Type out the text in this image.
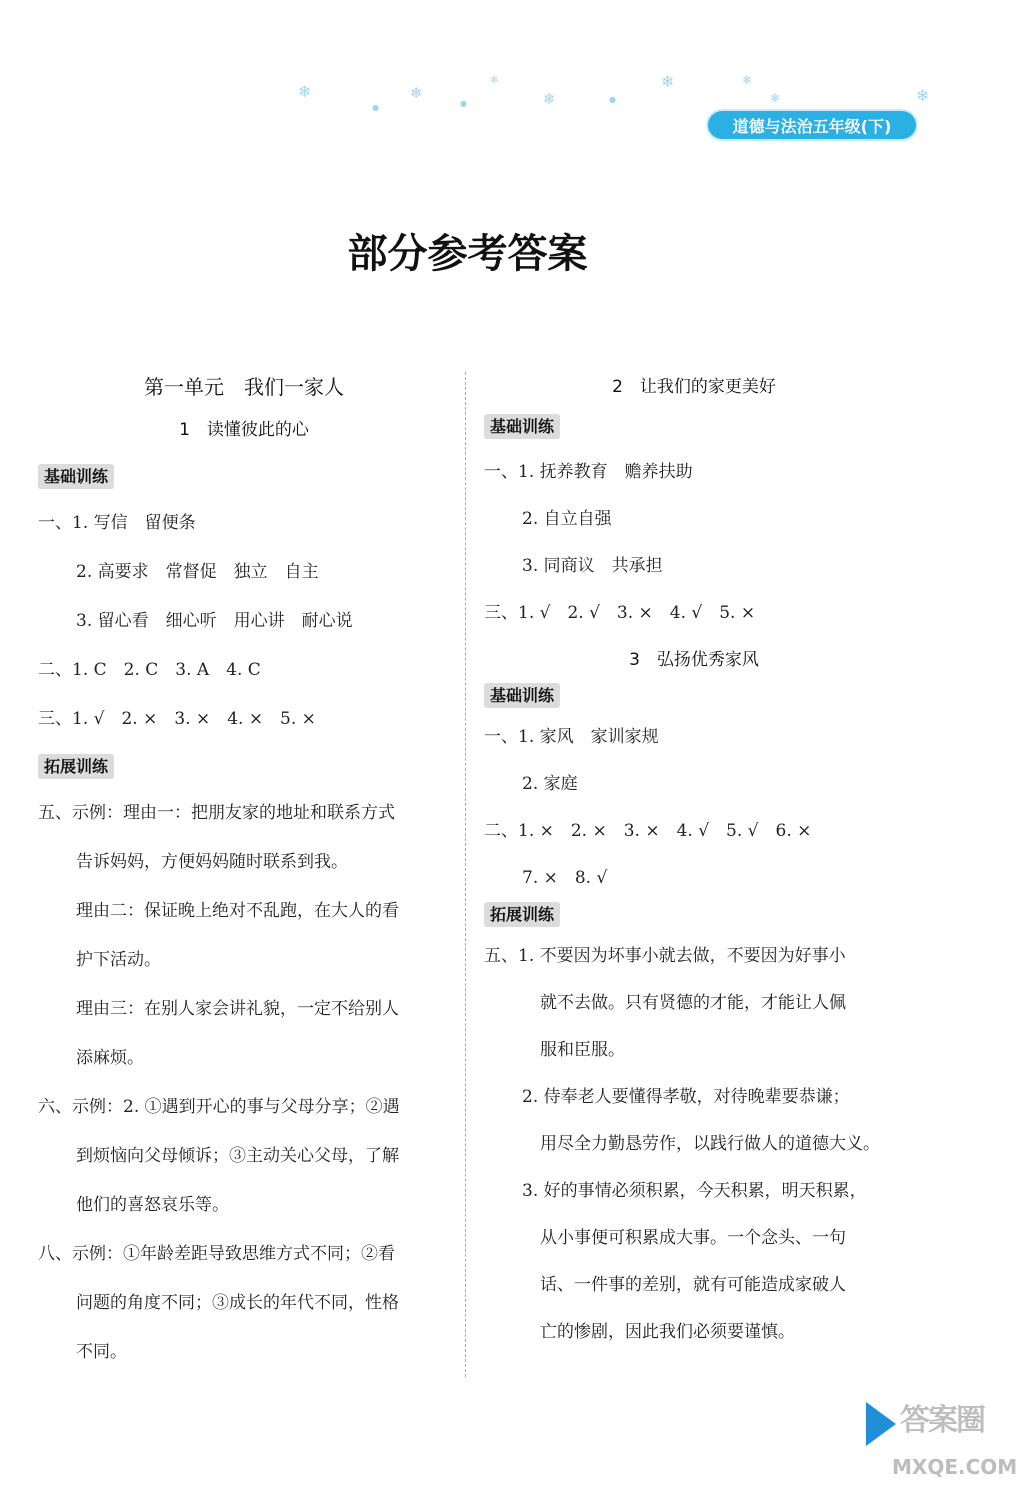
❄
●
❄
●
❄
❄	●
❄	❄
❄	❄
道德与法治五年级(下)
部分参考答案
第一单元　我们一家人
1　读懂彼此的心
基础训练
一、1. 写信　留便条
2. 高要求　常督促　独立　自主
3. 留心看　细心听　用心讲　耐心说
二、1. C　2. C　3. A　4. C
三、1. √　2. ×　3. ×　4. ×　5. ×
拓展训练
五、示例：理由一：把朋友家的地址和联系方式
告诉妈妈，方便妈妈随时联系到我。
理由二：保证晚上绝对不乱跑，在大人的看
护下活动。
理由三：在别人家会讲礼貌，一定不给别人
添麻烦。
六、示例：2. ①遇到开心的事与父母分享；②遇
到烦恼向父母倾诉；③主动关心父母，了解
他们的喜怒哀乐等。
八、示例：①年龄差距导致思维方式不同；②看
问题的角度不同；③成长的年代不同，性格
不同。
2　让我们的家更美好
基础训练
一、1. 抚养教育　赡养扶助
2. 自立自强
3. 同商议　共承担
三、1. √　2. √　3. ×　4. √　5. ×
3　弘扬优秀家风
基础训练
一、1. 家风　家训家规
2. 家庭
二、1. ×　2. ×　3. ×　4. √　5. √　6. ×
7. ×　8. √
拓展训练
五、1. 不要因为坏事小就去做，不要因为好事小
就不去做。只有贤德的才能，才能让人佩
服和臣服。
2. 侍奉老人要懂得孝敬，对待晚辈要恭谦；
用尽全力勤恳劳作，以践行做人的道德大义。
3. 好的事情必须积累，今天积累，明天积累，
从小事便可积累成大事。一个念头、一句
话、一件事的差别，就有可能造成家破人
亡的惨剧，因此我们必须要谨慎。
答案圈
MXQE.COM
